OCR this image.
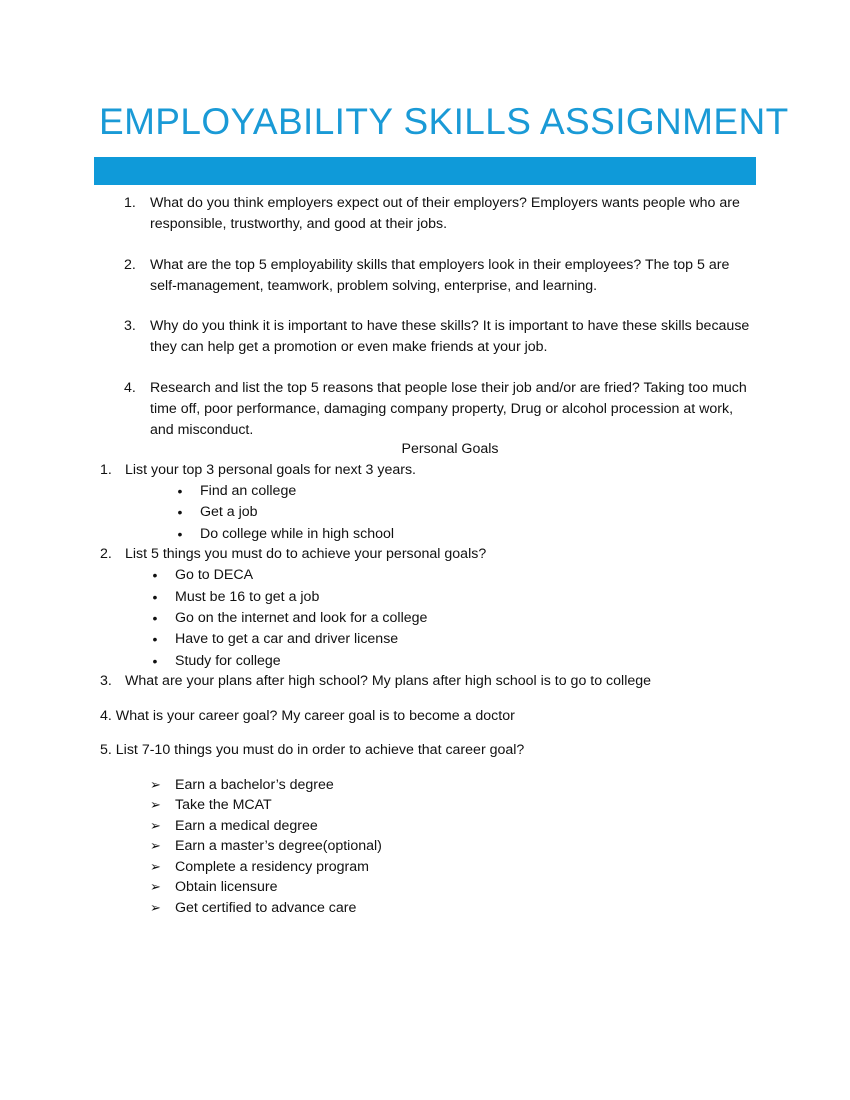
EMPLOYABILITY SKILLS ASSIGNMENT
1. What do you think employers expect out of their employers? Employers wants people who are responsible, trustworthy, and good at their jobs.
2. What are the top 5 employability skills that employers look in their employees? The top 5 are self-management, teamwork, problem solving, enterprise, and learning.
3. Why do you think it is important to have these skills? It is important to have these skills because they can help get a promotion or even make friends at your job.
4. Research and list the top 5 reasons that people lose their job and/or are fried? Taking too much time off, poor performance, damaging company property, Drug or alcohol procession at work, and misconduct.
Personal Goals
1. List your top 3 personal goals for next 3 years.
• Find an college
• Get a job
• Do college while in high school
2. List 5 things you must do to achieve your personal goals?
• Go to DECA
• Must be 16 to get a job
• Go on the internet and look for a college
• Have to get a car and driver license
• Study for college
3. What are your plans after high school? My plans after high school is to go to college
4. What is your career goal? My career goal is to become a doctor
5. List 7-10 things you must do in order to achieve that career goal?
➢ Earn a bachelor’s degree
➢ Take the MCAT
➢ Earn a medical degree
➢ Earn a master’s degree(optional)
➢ Complete a residency program
➢ Obtain licensure
➢ Get certified to advance care
